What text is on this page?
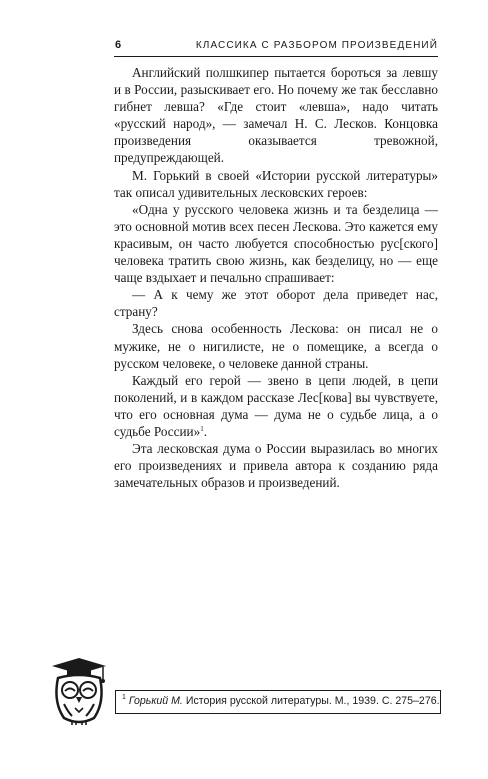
6	КЛАССИКА С РАЗБОРОМ ПРОИЗВЕДЕНИЙ

Английский полшкипер пытается бороться за левшу и в России, разыскивает его. Но почему же так бесславно гибнет левша? «Где стоит «левша», надо читать «русский народ», — замечал Н. С. Лесков. Концовка произведения оказывается тревожной, предупреждающей.

М. Горький в своей «Истории русской литературы» так описал удивительных лесковских героев:

«Одна у русского человека жизнь и та безделица — это основной мотив всех песен Лескова. Это кажется ему красивым, он часто любуется способностью рус[ского] человека тратить свою жизнь, как безделицу, но — еще чаще вздыхает и печально спрашивает:

— А к чему же этот оборот дела приведет нас, страну?

Здесь снова особенность Лескова: он писал не о мужике, не о нигилисте, не о помещике, а всегда о русском человеке, о человеке данной страны.

Каждый его герой — звено в цепи людей, в цепи поколений, и в каждом рассказе Лес[кова] вы чувствуете, что его основная дума — дума не о судьбе лица, а о судьбе России»$^1$.

Эта лесковская дума о России выразилась во многих его произведениях и привела автора к созданию ряда замечательных образов и произведений.

$^1$ Горький М. История русской литературы. М., 1939. С. 275–276.
